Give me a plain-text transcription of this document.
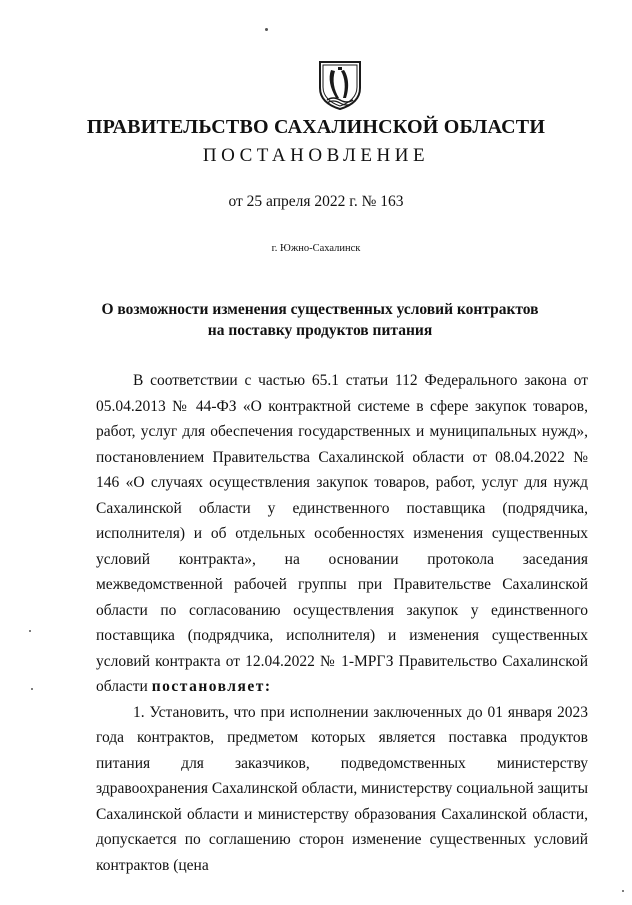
ПРАВИТЕЛЬСТВО САХАЛИНСКОЙ ОБЛАСТИ
ПОСТАНОВЛЕНИЕ
от 25 апреля 2022 г. № 163
г. Южно-Сахалинск
О возможности изменения существенных условий контрактов на поставку продуктов питания

В соответствии с частью 65.1 статьи 112 Федерального закона от 05.04.2013 № 44-ФЗ «О контрактной системе в сфере закупок товаров, работ, услуг для обеспечения государственных и муниципальных нужд», постановлением Правительства Сахалинской области от 08.04.2022 № 146 «О случаях осуществления закупок товаров, работ, услуг для нужд Сахалинской области у единственного поставщика (подрядчика, исполнителя) и об отдельных особенностях изменения существенных условий контракта», на основании протокола заседания межведомственной рабочей группы при Правительстве Сахалинской области по согласованию осуществления закупок у единственного поставщика (подрядчика, исполнителя) и изменения существенных условий контракта от 12.04.2022 № 1-МРГЗ Правительство Сахалинской области постановляет:

1. Установить, что при исполнении заключенных до 01 января 2023 года контрактов, предметом которых является поставка продуктов питания для заказчиков, подведомственных министерству здравоохранения Сахалинской области, министерству социальной защиты Сахалинской области и министерству образования Сахалинской области, допускается по соглашению сторон изменение существенных условий контрактов (цена
